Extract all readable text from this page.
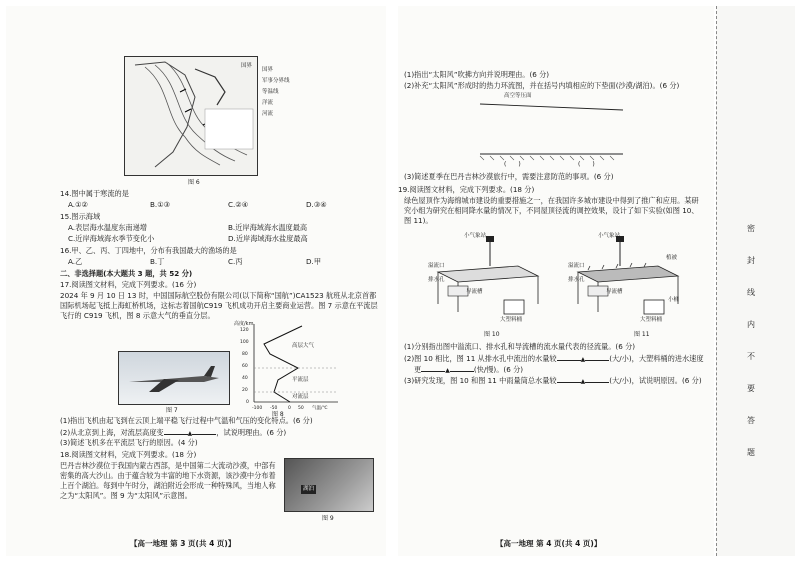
国界
国界
军事分界线
等温线
洋流
河流
图 6
14.图中属于寒流的是
A.①②	B.①③	C.②④	D.③④
15.图示海域
A.表层海水温度东南递增	B.近岸海域海水温度最高
C.近岸海域海水季节变化小	D.近岸海域海水盐度最高
16.甲、乙、丙、丁四地中，分布有我国最大的渔场的是
A.乙	B.丁	C.丙	D.甲
二、非选择题(本大题共 3 题，共 52 分)
17.阅读图文材料，完成下列要求。(16 分)
2024 年 9 月 10 日 13 时，中国国际航空股份有限公司(以下简称“国航”)CA1523 航班从北京首都国际机场起飞抵上海虹桥机场，这标志着国航C919 飞机成功开启主要商业运营。图 7 示意在平流层飞行的 C919 飞机，图 8 示意大气的垂直分层。
图 7
高度/km
高层大气
平流层
对流层
120
100
80
60
40
20
0
-100 -50 0 50 气温/℃
图 8
(1)指出飞机由起飞到在云顶上端平稳飞行过程中气温和气压的变化特点。(6 分)
(2)从北京到上海，对流层高度变	▲	，试说明理由。(6 分)
(3)简述飞机多在平流层飞行的原因。(4 分)
18.阅读图文材料，完成下列要求。(18 分)
巴丹吉林沙漠位于我国内蒙古西部，是中国第二大流动沙漠，中部有密集的高大沙山。由于蕴含较为丰富的地下水资源，该沙漠中分布着上百个湖泊。每到中午时分，湖泊附近会形成一种特殊风，当地人称之为“太阳风”。图 9 为“太阳风”示意图。
湖泊
图 9
【高一地理 第 3 页(共 4 页)】
(1)指出“太阳风”吹拂方向并说明理由。(6 分)
(2)补充“太阳风”形成时的热力环流图，并在括号内填相应的下垫面(沙漠/湖泊)。(6 分)
高空等压面
(　　)	(　　)
(3)简述夏季在巴丹吉林沙漠旅行中，需要注意防范的事项。(6 分)
19.阅读图文材料，完成下列要求。(18 分)
绿色屋顶作为海绵城市建设的重要措施之一，在我国许多城市建设中得到了推广和应用。某研究小组为研究在相同降水量的情况下，不同屋顶径流的调控效果，设计了如下实验(如图 10、图 11)。
小气象站
溢流口
排水孔
导流槽
大塑料桶
图 10
小气象站
植被
溢流口
排水孔
导流槽
小桶
大塑料桶
图 11
(1)分别指出图中溢流口、排水孔和导流槽的流水量代表的径流量。(6 分)
(2)图 10 相比，图 11 从排水孔中流出的水量较	▲	(大/小)，大塑料桶的进水速度
更	▲	(快/慢)。(6 分)
(3)研究发现，图 10 和图 11 中雨量筒总水量较	▲	(大/小)，试说明原因。(6 分)
【高一地理 第 4 页(共 4 页)】
密
封
线
内
不
要
答
题
